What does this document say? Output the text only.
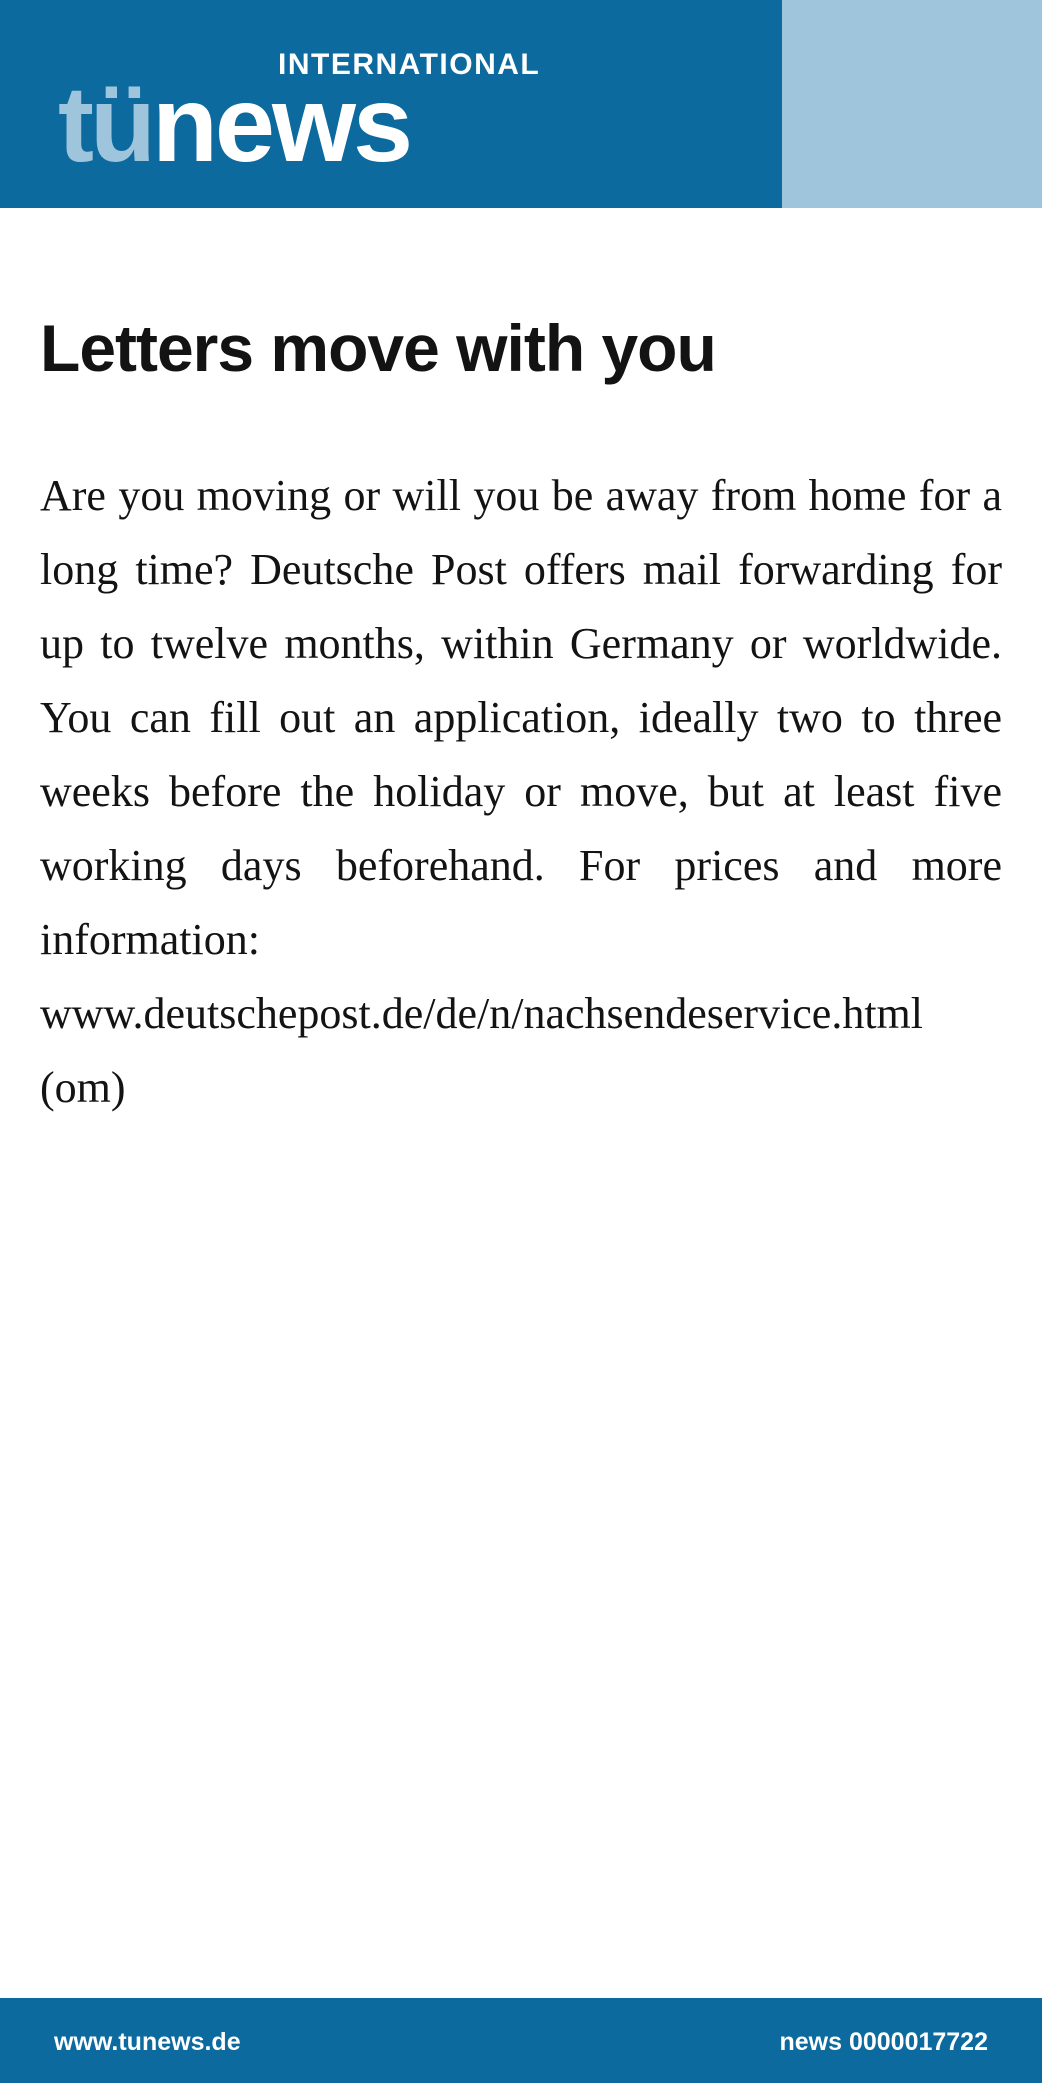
INTERNATIONAL
tünews
Letters move with you

Are you moving or will you be away from home for a long time? Deutsche Post offers mail forwarding for up to twelve months, within Germany or worldwide. You can fill out an application, ideally two to three weeks before the holiday or move, but at least five working days beforehand. For prices and more information:

www.deutschepost.de/de/n/nachsendeservice.html

(om)

www.tunews.de	news 0000017722
